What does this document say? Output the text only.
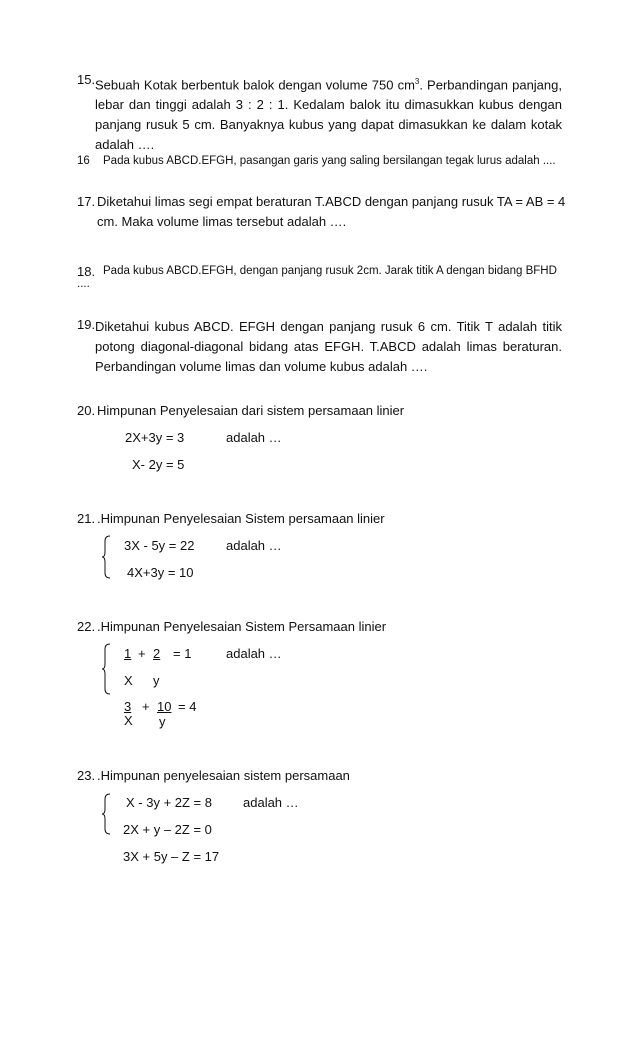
15. Sebuah Kotak berbentuk balok dengan volume 750 $cm^3$. Perbandingan panjang, lebar dan tinggi adalah 3 : 2 : 1. Kedalam balok itu dimasukkan kubus dengan panjang rusuk 5 cm. Banyaknya kubus yang dapat dimasukkan ke dalam kotak adalah ….
16 Pada kubus ABCD.EFGH, pasangan garis yang saling bersilangan tegak lurus adalah ....
17. Diketahui limas segi empat beraturan T.ABCD dengan panjang rusuk TA = AB = 4
cm. Maka volume limas tersebut adalah ….
18. Pada kubus ABCD.EFGH, dengan panjang rusuk 2cm. Jarak titik A dengan bidang BFHD
....
19. Diketahui kubus ABCD. EFGH dengan panjang rusuk 6 cm. Titik T adalah titik potong diagonal-diagonal bidang atas EFGH. T.ABCD adalah limas beraturan. Perbandingan volume limas dan volume kubus adalah ….
20. Himpunan Penyelesaian dari sistem persamaan linier
2X+3y = 3	adalah …
X- 2y = 5
21. .Himpunan Penyelesaian Sistem persamaan linier
3X - 5y = 22 adalah …
4X+3y = 10
22. .Himpunan Penyelesaian Sistem Persamaan linier
1 + 2 = 1	adalah …
X y
3 + 10 = 4
X y
23. .Himpunan penyelesaian sistem persamaan
X - 3y + 2Z = 8 adalah …
2X + y – 2Z = 0
3X + 5y – Z = 17
